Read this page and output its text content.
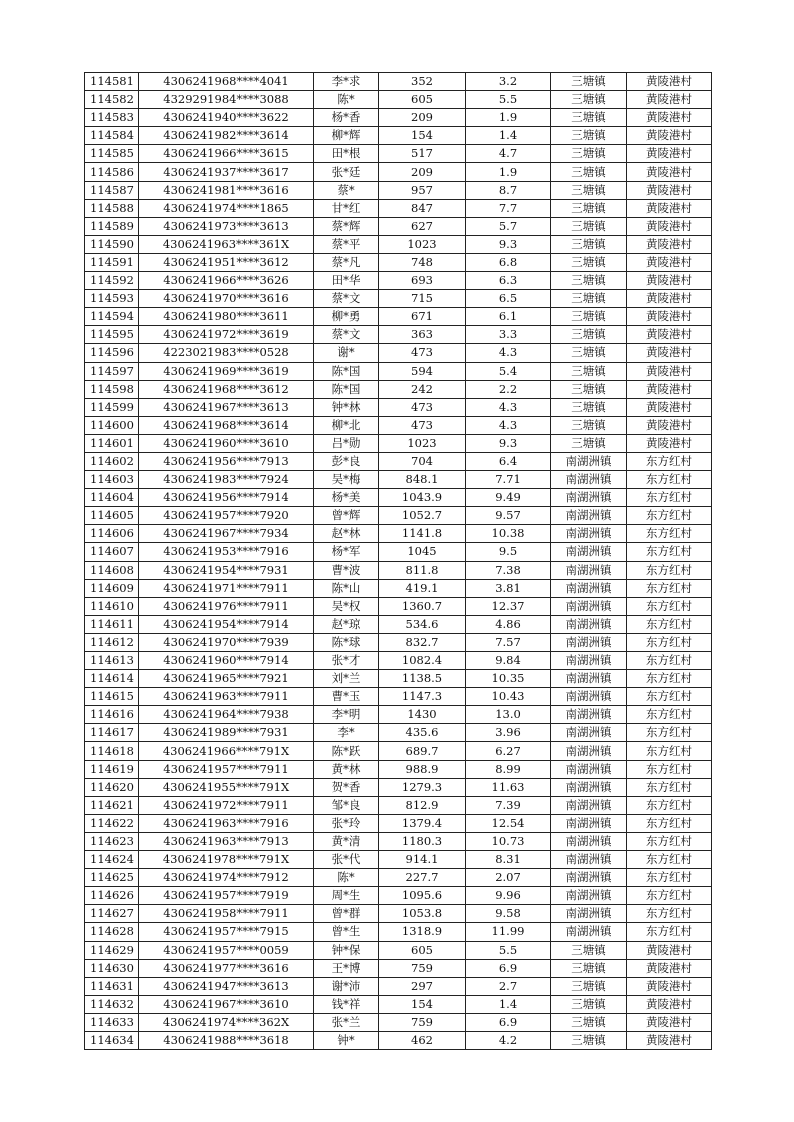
114581	4306241968****4041	李*求	352	3.2	三塘镇	黄陵港村
114582	4329291984****3088	陈*	605	5.5	三塘镇	黄陵港村
114583	4306241940****3622	杨*香	209	1.9	三塘镇	黄陵港村
114584	4306241982****3614	柳*辉	154	1.4	三塘镇	黄陵港村
114585	4306241966****3615	田*根	517	4.7	三塘镇	黄陵港村
114586	4306241937****3617	张*廷	209	1.9	三塘镇	黄陵港村
114587	4306241981****3616	蔡*	957	8.7	三塘镇	黄陵港村
114588	4306241974****1865	甘*红	847	7.7	三塘镇	黄陵港村
114589	4306241973****3613	蔡*辉	627	5.7	三塘镇	黄陵港村
114590	4306241963****361X	蔡*平	1023	9.3	三塘镇	黄陵港村
114591	4306241951****3612	蔡*凡	748	6.8	三塘镇	黄陵港村
114592	4306241966****3626	田*华	693	6.3	三塘镇	黄陵港村
114593	4306241970****3616	蔡*文	715	6.5	三塘镇	黄陵港村
114594	4306241980****3611	柳*勇	671	6.1	三塘镇	黄陵港村
114595	4306241972****3619	蔡*文	363	3.3	三塘镇	黄陵港村
114596	4223021983****0528	谢*	473	4.3	三塘镇	黄陵港村
114597	4306241969****3619	陈*国	594	5.4	三塘镇	黄陵港村
114598	4306241968****3612	陈*国	242	2.2	三塘镇	黄陵港村
114599	4306241967****3613	钟*林	473	4.3	三塘镇	黄陵港村
114600	4306241968****3614	柳*北	473	4.3	三塘镇	黄陵港村
114601	4306241960****3610	吕*勋	1023	9.3	三塘镇	黄陵港村
114602	4306241956****7913	彭*良	704	6.4	南湖洲镇	东方红村
114603	4306241983****7924	吴*梅	848.1	7.71	南湖洲镇	东方红村
114604	4306241956****7914	杨*美	1043.9	9.49	南湖洲镇	东方红村
114605	4306241957****7920	曾*辉	1052.7	9.57	南湖洲镇	东方红村
114606	4306241967****7934	赵*林	1141.8	10.38	南湖洲镇	东方红村
114607	4306241953****7916	杨*军	1045	9.5	南湖洲镇	东方红村
114608	4306241954****7931	曹*波	811.8	7.38	南湖洲镇	东方红村
114609	4306241971****7911	陈*山	419.1	3.81	南湖洲镇	东方红村
114610	4306241976****7911	吴*权	1360.7	12.37	南湖洲镇	东方红村
114611	4306241954****7914	赵*琼	534.6	4.86	南湖洲镇	东方红村
114612	4306241970****7939	陈*球	832.7	7.57	南湖洲镇	东方红村
114613	4306241960****7914	张*才	1082.4	9.84	南湖洲镇	东方红村
114614	4306241965****7921	刘*兰	1138.5	10.35	南湖洲镇	东方红村
114615	4306241963****7911	曹*玉	1147.3	10.43	南湖洲镇	东方红村
114616	4306241964****7938	李*明	1430	13.0	南湖洲镇	东方红村
114617	4306241989****7931	李*	435.6	3.96	南湖洲镇	东方红村
114618	4306241966****791X	陈*跃	689.7	6.27	南湖洲镇	东方红村
114619	4306241957****7911	黄*林	988.9	8.99	南湖洲镇	东方红村
114620	4306241955****791X	贺*香	1279.3	11.63	南湖洲镇	东方红村
114621	4306241972****7911	邹*良	812.9	7.39	南湖洲镇	东方红村
114622	4306241963****7916	张*玲	1379.4	12.54	南湖洲镇	东方红村
114623	4306241963****7913	黄*清	1180.3	10.73	南湖洲镇	东方红村
114624	4306241978****791X	张*代	914.1	8.31	南湖洲镇	东方红村
114625	4306241974****7912	陈*	227.7	2.07	南湖洲镇	东方红村
114626	4306241957****7919	周*生	1095.6	9.96	南湖洲镇	东方红村
114627	4306241958****7911	曾*群	1053.8	9.58	南湖洲镇	东方红村
114628	4306241957****7915	曾*生	1318.9	11.99	南湖洲镇	东方红村
114629	4306241957****0059	钟*保	605	5.5	三塘镇	黄陵港村
114630	4306241977****3616	王*博	759	6.9	三塘镇	黄陵港村
114631	4306241947****3613	谢*沛	297	2.7	三塘镇	黄陵港村
114632	4306241967****3610	钱*祥	154	1.4	三塘镇	黄陵港村
114633	4306241974****362X	张*兰	759	6.9	三塘镇	黄陵港村
114634	4306241988****3618	钟*	462	4.2	三塘镇	黄陵港村
